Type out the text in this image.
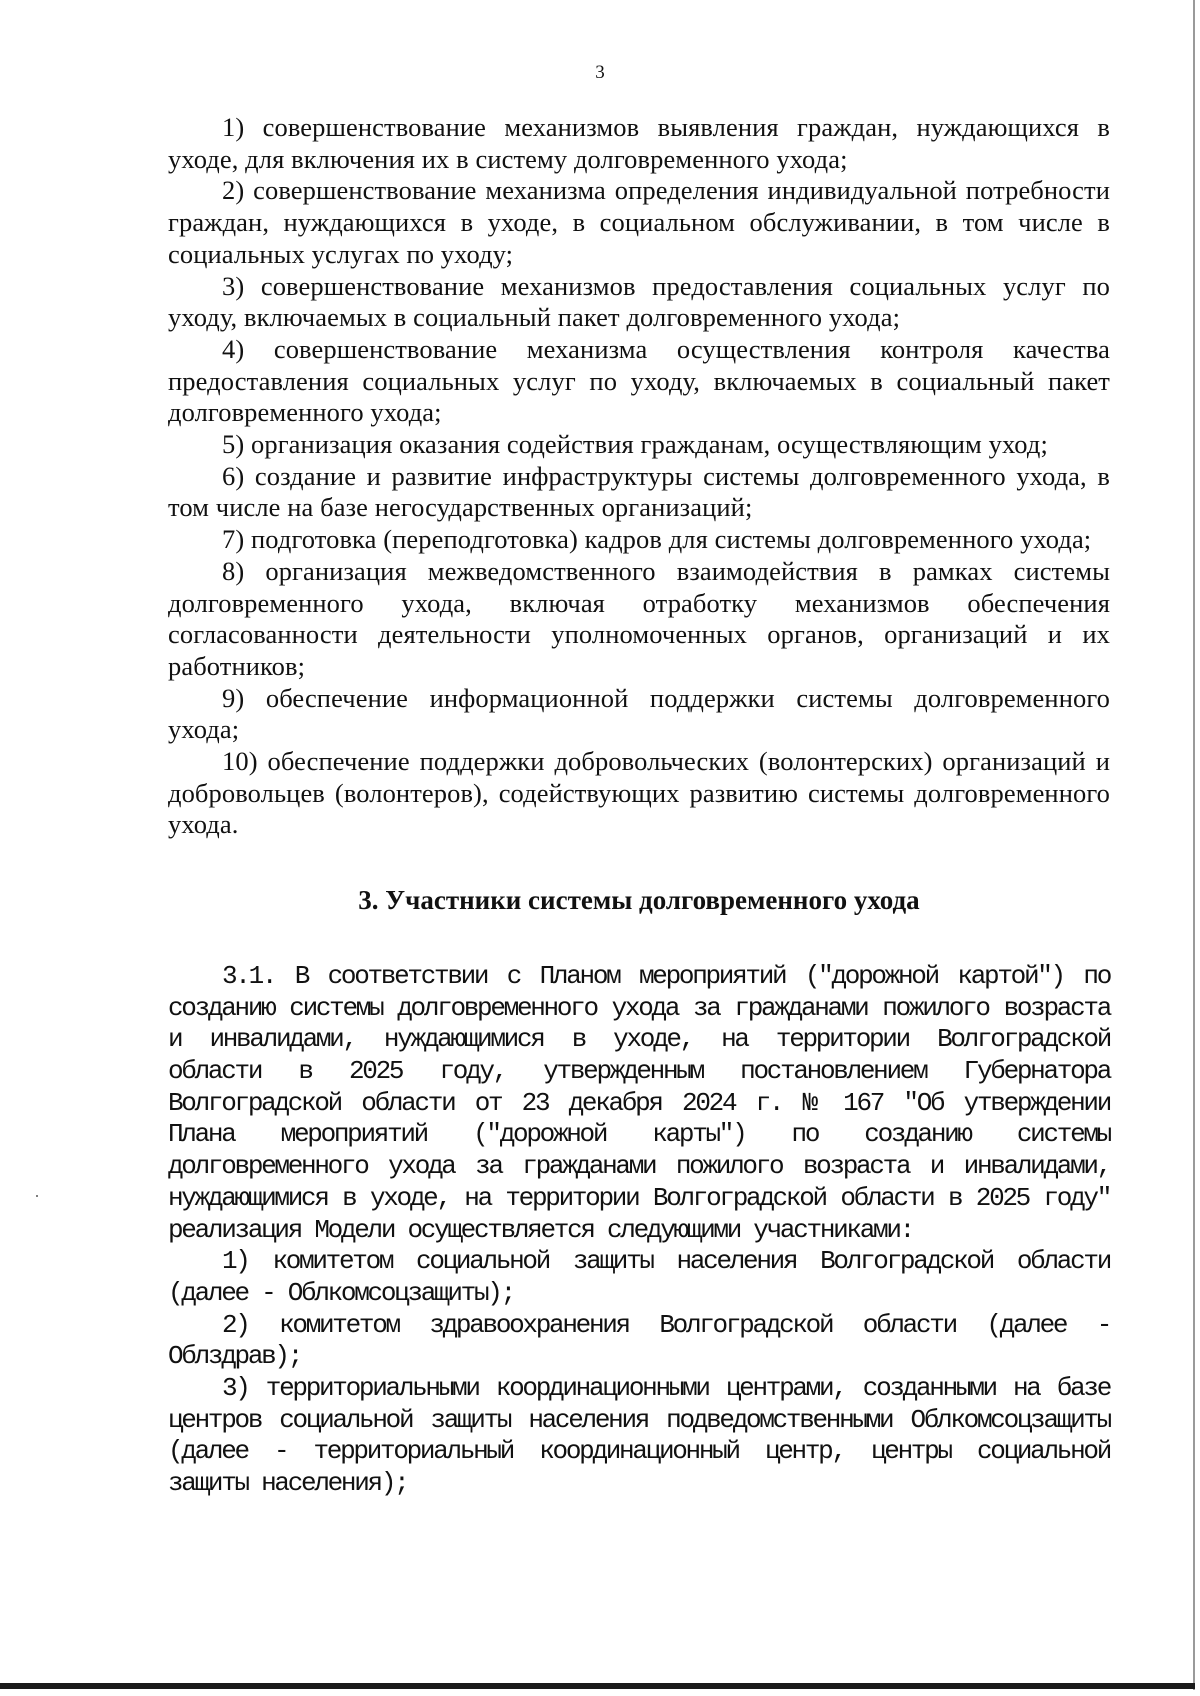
3

1) совершенствование механизмов выявления граждан, нуждающихся в уходе, для включения их в систему долговременного ухода;

2) совершенствование механизма определения индивидуальной потребности граждан, нуждающихся в уходе, в социальном обслуживании, в том числе в социальных услугах по уходу;

3) совершенствование механизмов предоставления социальных услуг по уходу, включаемых в социальный пакет долговременного ухода;

4) совершенствование механизма осуществления контроля качества предоставления социальных услуг по уходу, включаемых в социальный пакет долговременного ухода;

5) организация оказания содействия гражданам, осуществляющим уход;

6) создание и развитие инфраструктуры системы долговременного ухода, в том числе на базе негосударственных организаций;

7) подготовка (переподготовка) кадров для системы долговременного ухода;

8) организация межведомственного взаимодействия в рамках системы долговременного ухода, включая отработку механизмов обеспечения согласованности деятельности уполномоченных органов, организаций и их работников;

9) обеспечение информационной поддержки системы долговременного ухода;

10) обеспечение поддержки добровольческих (волонтерских) организаций и добровольцев (волонтеров), содействующих развитию системы долговременного ухода.

3. Участники системы долговременного ухода

3.1. В соответствии с Планом мероприятий ("дорожной картой") по созданию системы долговременного ухода за гражданами пожилого возраста и инвалидами, нуждающимися в уходе, на территории Волгоградской области в 2025 году, утвержденным постановлением Губернатора Волгоградской области от 23 декабря 2024 г. № 167 "Об утверждении Плана мероприятий ("дорожной карты") по созданию системы долговременного ухода за гражданами пожилого возраста и инвалидами, нуждающимися в уходе, на территории Волгоградской области в 2025 году" реализация Модели осуществляется следующими участниками:

1) комитетом социальной защиты населения Волгоградской области (далее - Облкомсоцзащиты);

2) комитетом здравоохранения Волгоградской области (далее - Облздрав);

3) территориальными координационными центрами, созданными на базе центров социальной защиты населения подведомственными Облкомсоцзащиты (далее - территориальный координационный центр, центры социальной защиты населения);
